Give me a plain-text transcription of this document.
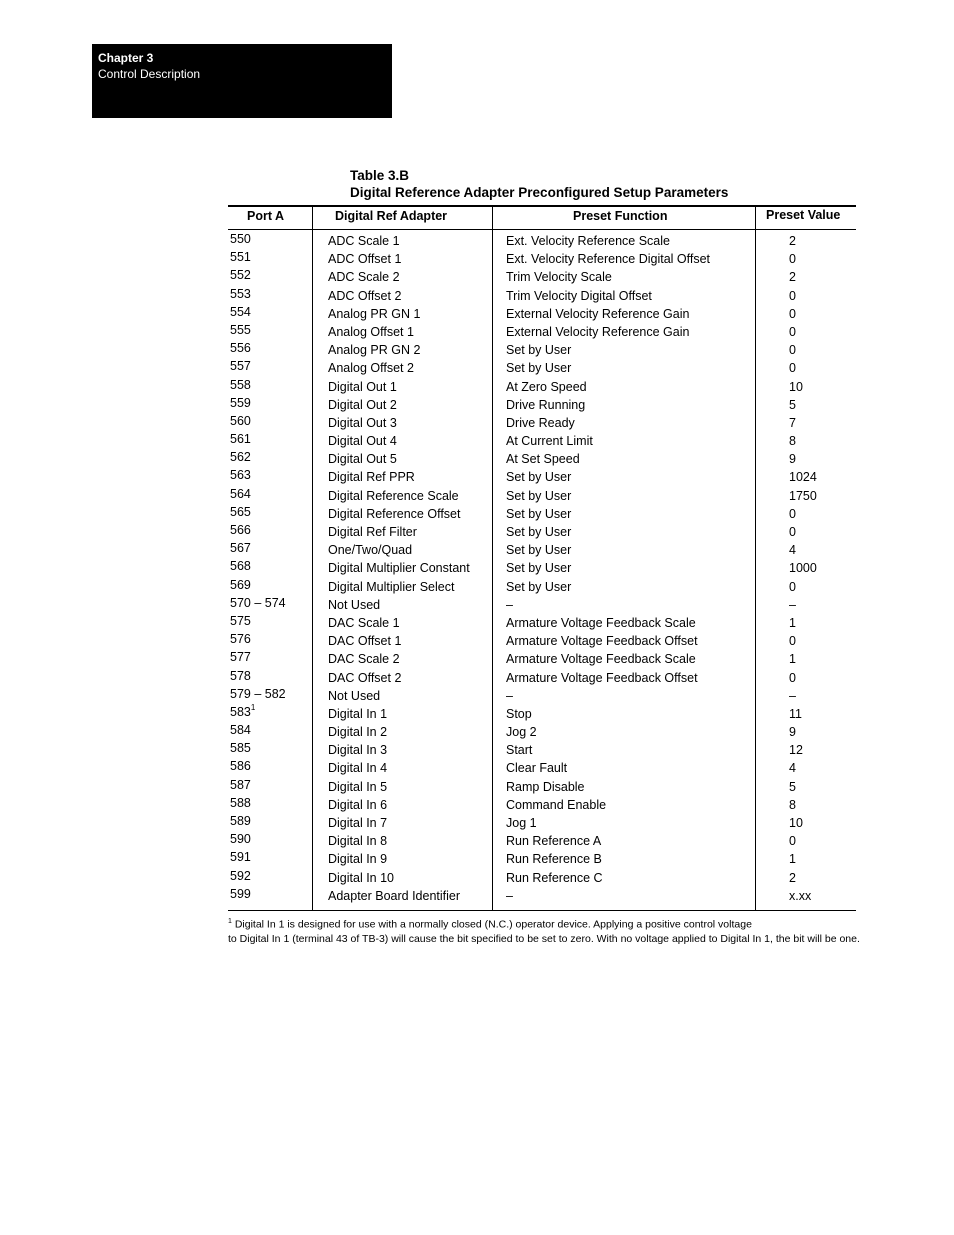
Chapter 3
Control Description
Table 3.B
Digital Reference Adapter Preconfigured Setup Parameters
Port A	Digital Ref Adapter	Preset Function	Preset Value
550	ADC Scale 1	Ext. Velocity Reference Scale	2
551	ADC Offset 1	Ext. Velocity Reference Digital Offset	0
552	ADC Scale 2	Trim Velocity Scale	2
553	ADC Offset 2	Trim Velocity Digital Offset	0
554	Analog PR GN 1	External Velocity Reference Gain	0
555	Analog Offset 1	External Velocity Reference Gain	0
556	Analog PR GN 2	Set by User	0
557	Analog Offset 2	Set by User	0
558	Digital Out 1	At Zero Speed	10
559	Digital Out 2	Drive Running	5
560	Digital Out 3	Drive Ready	7
561	Digital Out 4	At Current Limit	8
562	Digital Out 5	At Set Speed	9
563	Digital Ref PPR	Set by User	1024
564	Digital Reference Scale	Set by User	1750
565	Digital Reference Offset	Set by User	0
566	Digital Ref Filter	Set by User	0
567	One/Two/Quad	Set by User	4
568	Digital Multiplier Constant	Set by User	1000
569	Digital Multiplier Select	Set by User	0
570 – 574	Not Used	–	–
575	DAC Scale 1	Armature Voltage Feedback Scale	1
576	DAC Offset 1	Armature Voltage Feedback Offset	0
577	DAC Scale 2	Armature Voltage Feedback Scale	1
578	DAC Offset 2	Armature Voltage Feedback Offset	0
579 – 582	Not Used	–	–
583$^1$	Digital In 1	Stop	11
584	Digital In 2	Jog 2	9
585	Digital In 3	Start	12
586	Digital In 4	Clear Fault	4
587	Digital In 5	Ramp Disable	5
588	Digital In 6	Command Enable	8
589	Digital In 7	Jog 1	10
590	Digital In 8	Run Reference A	0
591	Digital In 9	Run Reference B	1
592	Digital In 10	Run Reference C	2
599	Adapter Board Identifier	–	x.xx
$^1$ Digital In 1 is designed for use with a normally closed (N.C.) operator device. Applying a positive control voltage
to Digital In 1 (terminal 43 of TB-3) will cause the bit specified to be set to zero. With no voltage applied to Digital In 1, the bit will be one.
